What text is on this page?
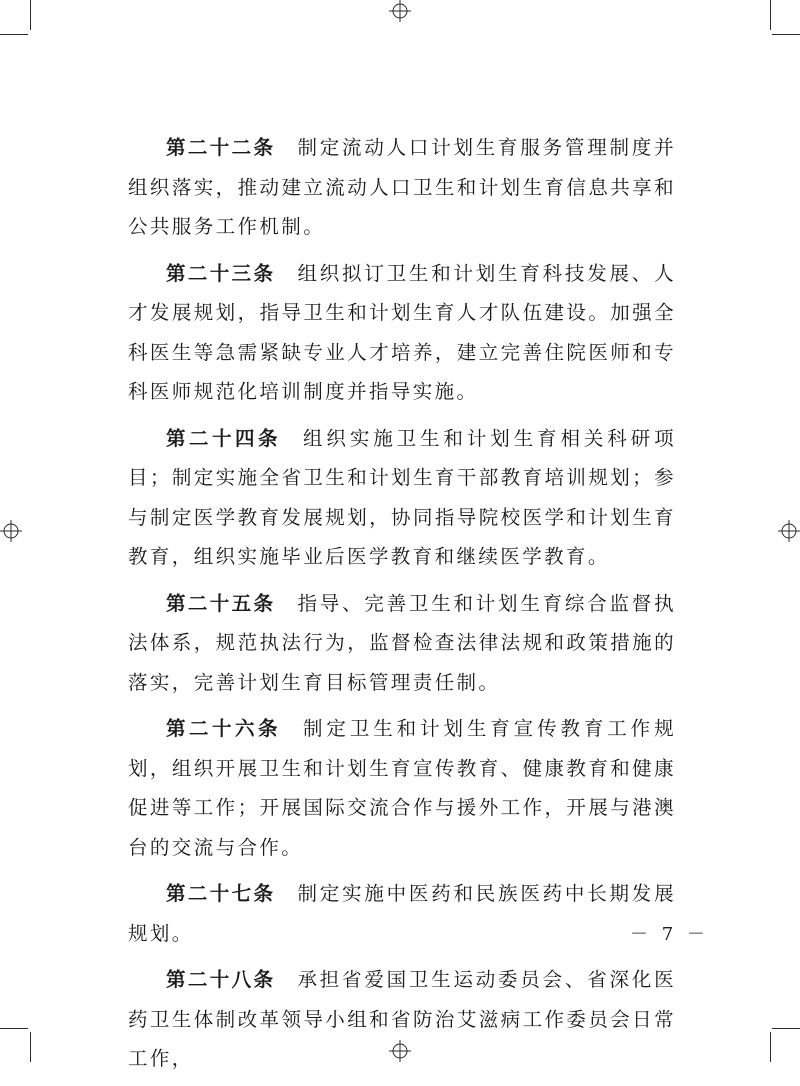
第二十二条 制定流动人口计划生育服务管理制度并组织落实，推动建立流动人口卫生和计划生育信息共享和公共服务工作机制。

第二十三条 组织拟订卫生和计划生育科技发展、人才发展规划，指导卫生和计划生育人才队伍建设。加强全科医生等急需紧缺专业人才培养，建立完善住院医师和专科医师规范化培训制度并指导实施。

第二十四条 组织实施卫生和计划生育相关科研项目；制定实施全省卫生和计划生育干部教育培训规划；参与制定医学教育发展规划，协同指导院校医学和计划生育教育，组织实施毕业后医学教育和继续医学教育。

第二十五条 指导、完善卫生和计划生育综合监督执法体系，规范执法行为，监督检查法律法规和政策措施的落实，完善计划生育目标管理责任制。

第二十六条 制定卫生和计划生育宣传教育工作规划，组织开展卫生和计划生育宣传教育、健康教育和健康促进等工作；开展国际交流合作与援外工作，开展与港澳台的交流与合作。

第二十七条 制定实施中医药和民族医药中长期发展规划。

第二十八条 承担省爱国卫生运动委员会、省深化医药卫生体制改革领导小组和省防治艾滋病工作委员会日常工作，

－ 7 －
